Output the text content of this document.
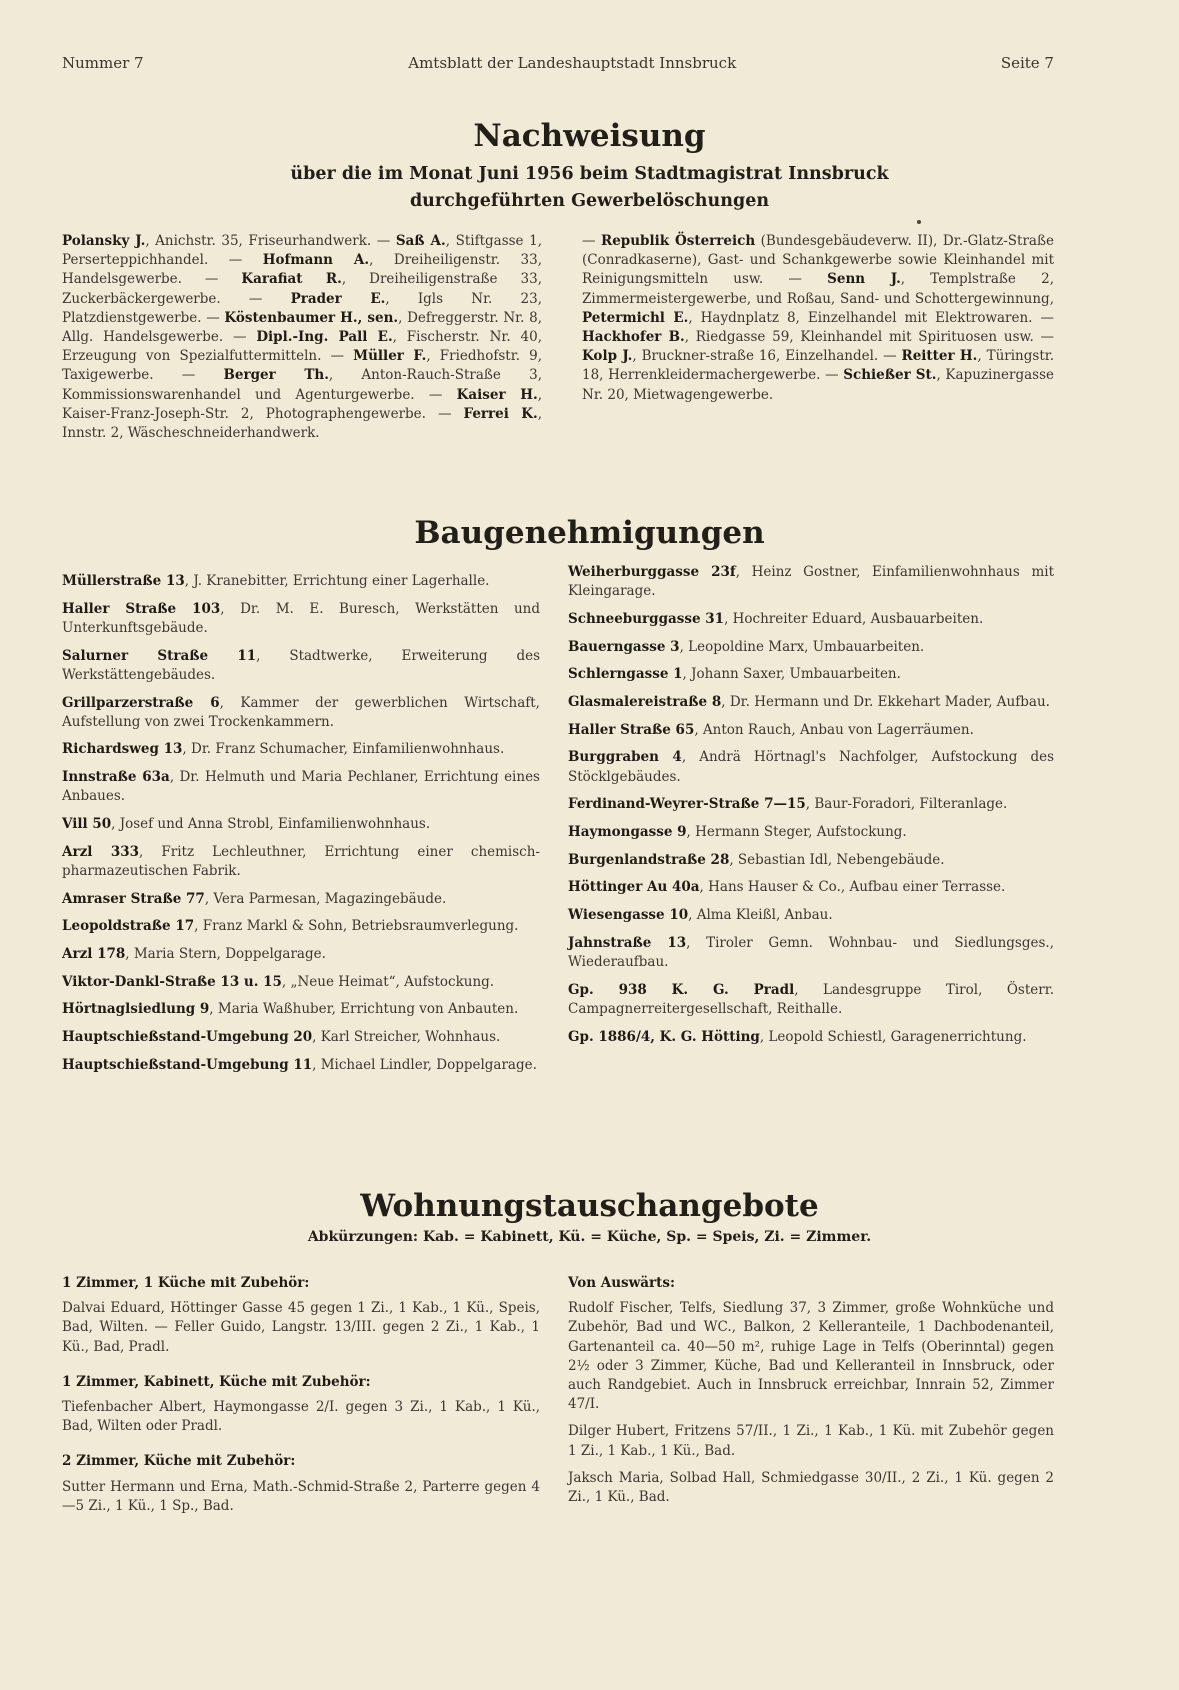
Nummer 7	Amtsblatt der Landeshauptstadt Innsbruck	Seite 7
Nachweisung
über die im Monat Juni 1956 beim Stadtmagistrat Innsbruck
durchgeführten Gewerbelöschungen
Polansky J., Anichstr. 35, Friseurhandwerk. — Saß A., Stiftgasse 1, Perserteppichhandel. — Hofmann A., Dreiheiligenstr. 33, Handelsgewerbe. — Karafiat R., Dreiheiligenstraße 33, Zuckerbäckergewerbe. — Prader E., Igls Nr. 23, Platzdienstgewerbe. — Köstenbaumer H., sen., Defreggerstr. Nr. 8, Allg. Handelsgewerbe. — Dipl.-Ing. Pall E., Fischerstr. Nr. 40, Erzeugung von Spezialfuttermitteln. — Müller F., Friedhofstr. 9, Taxigewerbe. — Berger Th., Anton-Rauch-Straße 3, Kommissionswarenhandel und Agenturgewerbe. — Kaiser H., Kaiser-Franz-Joseph-Str. 2, Photographengewerbe. — Ferrei K., Innstr. 2, Wäscheschneiderhandwerk.
— Republik Österreich (Bundesgebäudeverw. II), Dr.-Glatz-Straße (Conradkaserne), Gast- und Schankgewerbe sowie Kleinhandel mit Reinigungsmitteln usw. — Senn J., Templstraße 2, Zimmermeistergewerbe, und Roßau, Sand- und Schottergewinnung, Petermichl E., Haydnplatz 8, Einzelhandel mit Elektrowaren. — Hackhofer B., Riedgasse 59, Kleinhandel mit Spirituosen usw. — Kolp J., Bruckner-straße 16, Einzelhandel. — Reitter H., Türingstr. 18, Herrenkleidermachergewerbe. — Schießer St., Kapuzinergasse Nr. 20, Mietwagengewerbe.
Baugenehmigungen
Müllerstraße 13, J. Kranebitter, Errichtung einer Lagerhalle.
Haller Straße 103, Dr. M. E. Buresch, Werkstätten und Unterkunftsgebäude.
Salurner Straße 11, Stadtwerke, Erweiterung des Werkstättengebäudes.
Grillparzerstraße 6, Kammer der gewerblichen Wirtschaft, Aufstellung von zwei Trockenkammern.
Richardsweg 13, Dr. Franz Schumacher, Einfamilienwohnhaus.
Innstraße 63a, Dr. Helmuth und Maria Pechlaner, Errichtung eines Anbaues.
Vill 50, Josef und Anna Strobl, Einfamilienwohnhaus.
Arzl 333, Fritz Lechleuthner, Errichtung einer chemisch-pharmazeutischen Fabrik.
Amraser Straße 77, Vera Parmesan, Magazingebäude.
Leopoldstraße 17, Franz Markl & Sohn, Betriebsraumverlegung.
Arzl 178, Maria Stern, Doppelgarage.
Viktor-Dankl-Straße 13 u. 15, „Neue Heimat“, Aufstockung.
Hörtnaglsiedlung 9, Maria Waßhuber, Errichtung von Anbauten.
Hauptschießstand-Umgebung 20, Karl Streicher, Wohnhaus.
Hauptschießstand-Umgebung 11, Michael Lindler, Doppelgarage.
Weiherburggasse 23f, Heinz Gostner, Einfamilienwohnhaus mit Kleingarage.
Schneeburggasse 31, Hochreiter Eduard, Ausbauarbeiten.
Bauerngasse 3, Leopoldine Marx, Umbauarbeiten.
Schlerngasse 1, Johann Saxer, Umbauarbeiten.
Glasmalereistraße 8, Dr. Hermann und Dr. Ekkehart Mader, Aufbau.
Haller Straße 65, Anton Rauch, Anbau von Lagerräumen.
Burggraben 4, Andrä Hörtnagl's Nachfolger, Aufstockung des Stöcklgebäudes.
Ferdinand-Weyrer-Straße 7—15, Baur-Foradori, Filteranlage.
Haymongasse 9, Hermann Steger, Aufstockung.
Burgenlandstraße 28, Sebastian Idl, Nebengebäude.
Höttinger Au 40a, Hans Hauser & Co., Aufbau einer Terrasse.
Wiesengasse 10, Alma Kleißl, Anbau.
Jahnstraße 13, Tiroler Gemn. Wohnbau- und Siedlungsges., Wiederaufbau.
Gp. 938 K. G. Pradl, Landesgruppe Tirol, Österr. Campagnerreitergesellschaft, Reithalle.
Gp. 1886/4, K. G. Hötting, Leopold Schiestl, Garagenerrichtung.
Wohnungstauschangebote
Abkürzungen: Kab. = Kabinett, Kü. = Küche, Sp. = Speis, Zi. = Zimmer.
1 Zimmer, 1 Küche mit Zubehör:
Dalvai Eduard, Höttinger Gasse 45 gegen 1 Zi., 1 Kab., 1 Kü., Speis, Bad, Wilten. — Feller Guido, Langstr. 13/III. gegen 2 Zi., 1 Kab., 1 Kü., Bad, Pradl.
1 Zimmer, Kabinett, Küche mit Zubehör:
Tiefenbacher Albert, Haymongasse 2/I. gegen 3 Zi., 1 Kab., 1 Kü., Bad, Wilten oder Pradl.
2 Zimmer, Küche mit Zubehör:
Sutter Hermann und Erna, Math.-Schmid-Straße 2, Parterre gegen 4—5 Zi., 1 Kü., 1 Sp., Bad.
Von Auswärts:
Rudolf Fischer, Telfs, Siedlung 37, 3 Zimmer, große Wohnküche und Zubehör, Bad und WC., Balkon, 2 Kelleranteile, 1 Dachbodenanteil, Gartenanteil ca. 40—50 m², ruhige Lage in Telfs (Oberinntal) gegen 2½ oder 3 Zimmer, Küche, Bad und Kelleranteil in Innsbruck, oder auch Randgebiet. Auch in Innsbruck erreichbar, Innrain 52, Zimmer 47/I.
Dilger Hubert, Fritzens 57/II., 1 Zi., 1 Kab., 1 Kü. mit Zubehör gegen 1 Zi., 1 Kab., 1 Kü., Bad.
Jaksch Maria, Solbad Hall, Schmiedgasse 30/II., 2 Zi., 1 Kü. gegen 2 Zi., 1 Kü., Bad.
